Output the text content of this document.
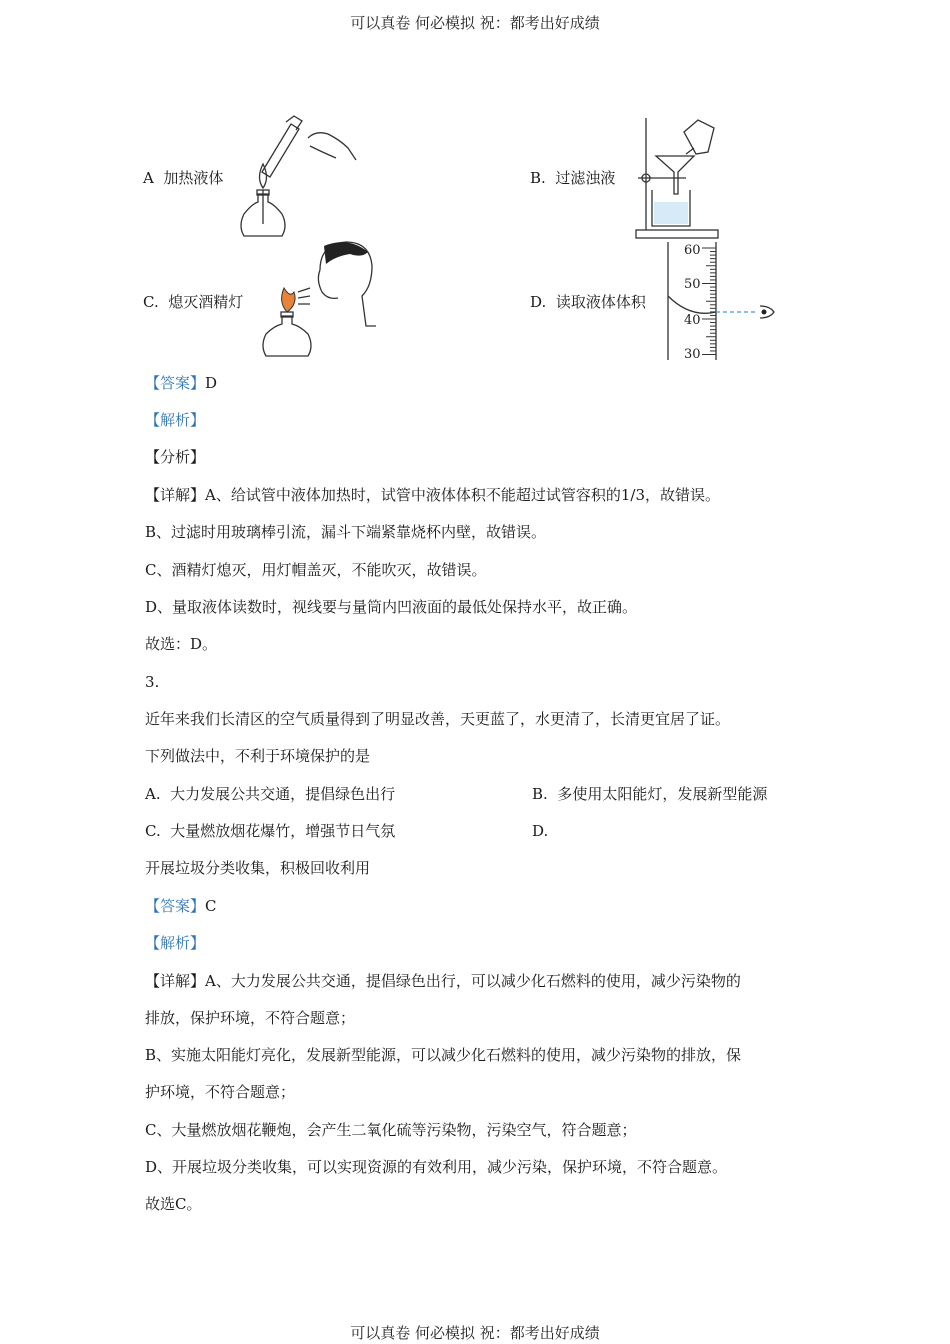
可以真卷 何必模拟 祝：都考出好成绩
A 加热液体	B. 过滤浊液
C. 熄灭酒精灯	D. 读取液体体积
60
50
40
30
【答案】D
【解析】
【分析】
【详解】A、给试管中液体加热时，试管中液体体积不能超过试管容积的1/3，故错误。
B、过滤时用玻璃棒引流，漏斗下端紧靠烧杯内壁，故错误。
C、酒精灯熄灭，用灯帽盖灭，不能吹灭，故错误。
D、量取液体读数时，视线要与量筒内凹液面的最低处保持水平，故正确。
故选：D。
3.
近年来我们长清区的空气质量得到了明显改善，天更蓝了，水更清了，长清更宜居了证。
下列做法中，不利于环境保护的是
A. 大力发展公共交通，提倡绿色出行	B. 多使用太阳能灯，发展新型能源
C. 大量燃放烟花爆竹，增强节日气氛	D.
开展垃圾分类收集，积极回收利用
【答案】C
【解析】
【详解】A、大力发展公共交通，提倡绿色出行，可以减少化石燃料的使用，减少污染物的
排放，保护环境，不符合题意；
B、实施太阳能灯亮化，发展新型能源，可以减少化石燃料的使用，减少污染物的排放，保
护环境，不符合题意；
C、大量燃放烟花鞭炮，会产生二氧化硫等污染物，污染空气，符合题意；
D、开展垃圾分类收集，可以实现资源的有效利用，减少污染，保护环境，不符合题意。
故选C。
可以真卷 何必模拟 祝：都考出好成绩
